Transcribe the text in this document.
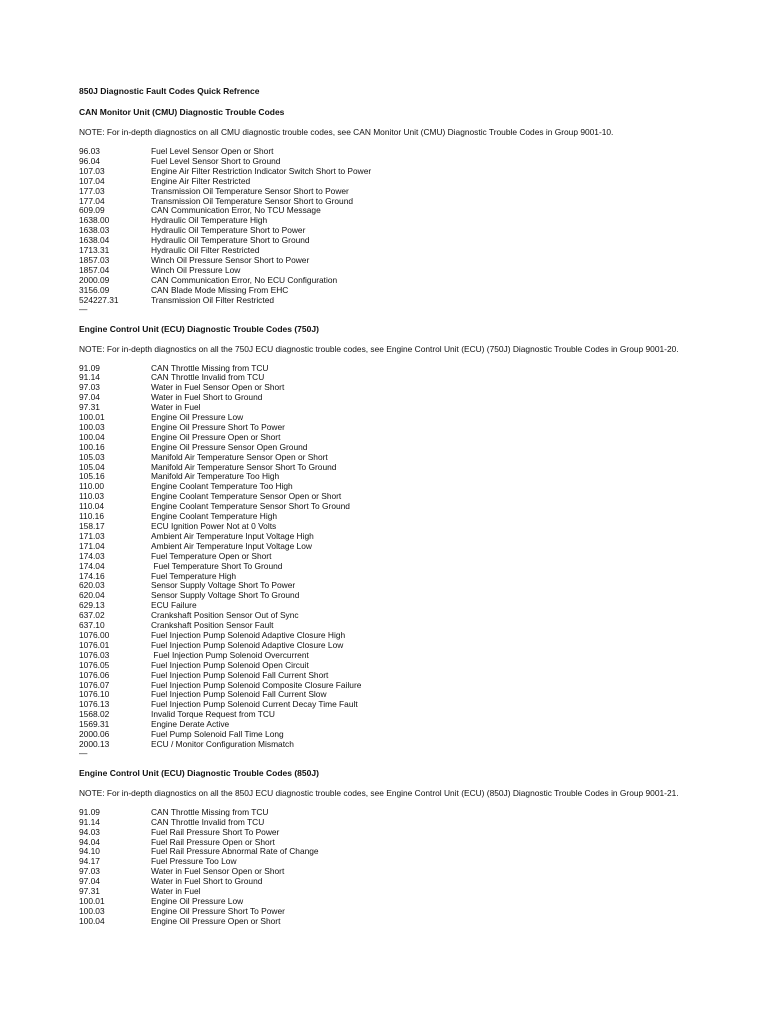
850J Diagnostic Fault Codes Quick Refrence
CAN Monitor Unit (CMU) Diagnostic Trouble Codes

NOTE: For in-depth diagnostics on all CMU diagnostic trouble codes, see CAN Monitor Unit (CMU) Diagnostic Trouble Codes in Group 9001-10.

96.03	Fuel Level Sensor Open or Short
96.04	Fuel Level Sensor Short to Ground
107.03	Engine Air Filter Restriction Indicator Switch Short to Power
107.04	Engine Air Filter Restricted
177.03	Transmission Oil Temperature Sensor Short to Power
177.04	Transmission Oil Temperature Sensor Short to Ground
609.09	CAN Communication Error, No TCU Message
1638.00	Hydraulic Oil Temperature High
1638.03	Hydraulic Oil Temperature Short to Power
1638.04	Hydraulic Oil Temperature Short to Ground
1713.31	Hydraulic Oil Filter Restricted
1857.03	Winch Oil Pressure Sensor Short to Power
1857.04	Winch Oil Pressure Low
2000.09	CAN Communication Error, No ECU Configuration
3156.09	CAN Blade Mode Missing From EHC
524227.31	Transmission Oil Filter Restricted
—
Engine Control Unit (ECU) Diagnostic Trouble Codes (750J)

NOTE: For in-depth diagnostics on all the 750J ECU diagnostic trouble codes, see Engine Control Unit (ECU) (750J) Diagnostic Trouble Codes in Group 9001-20.

91.09	CAN Throttle Missing from TCU
91.14	CAN Throttle Invalid from TCU
97.03	Water in Fuel Sensor Open or Short
97.04	Water in Fuel Short to Ground
97.31	Water in Fuel
100.01	Engine Oil Pressure Low
100.03	Engine Oil Pressure Short To Power
100.04	Engine Oil Pressure Open or Short
100.16	Engine Oil Pressure Sensor Open Ground
105.03	Manifold Air Temperature Sensor Open or Short
105.04	Manifold Air Temperature Sensor Short To Ground
105.16	Manifold Air Temperature Too High
110.00	Engine Coolant Temperature Too High
110.03	Engine Coolant Temperature Sensor Open or Short
110.04	Engine Coolant Temperature Sensor Short To Ground
110.16	Engine Coolant Temperature High
158.17	ECU Ignition Power Not at 0 Volts
171.03	Ambient Air Temperature Input Voltage High
171.04	Ambient Air Temperature Input Voltage Low
174.03	Fuel Temperature Open or Short
174.04	Fuel Temperature Short To Ground
174.16	Fuel Temperature High
620.03	Sensor Supply Voltage Short To Power
620.04	Sensor Supply Voltage Short To Ground
629.13	ECU Failure
637.02	Crankshaft Position Sensor Out of Sync
637.10	Crankshaft Position Sensor Fault
1076.00	Fuel Injection Pump Solenoid Adaptive Closure High
1076.01	Fuel Injection Pump Solenoid Adaptive Closure Low
1076.03	Fuel Injection Pump Solenoid Overcurrent
1076.05	Fuel Injection Pump Solenoid Open Circuit
1076.06	Fuel Injection Pump Solenoid Fall Current Short
1076.07	Fuel Injection Pump Solenoid Composite Closure Failure
1076.10	Fuel Injection Pump Solenoid Fall Current Slow
1076.13	Fuel Injection Pump Solenoid Current Decay Time Fault
1568.02	Invalid Torque Request from TCU
1569.31	Engine Derate Active
2000.06	Fuel Pump Solenoid Fall Time Long
2000.13	ECU / Monitor Configuration Mismatch
—
Engine Control Unit (ECU) Diagnostic Trouble Codes (850J)

NOTE: For in-depth diagnostics on all the 850J ECU diagnostic trouble codes, see Engine Control Unit (ECU) (850J) Diagnostic Trouble Codes in Group 9001-21.

91.09	CAN Throttle Missing from TCU
91.14	CAN Throttle Invalid from TCU
94.03	Fuel Rail Pressure Short To Power
94.04	Fuel Rail Pressure Open or Short
94.10	Fuel Rail Pressure Abnormal Rate of Change
94.17	Fuel Pressure Too Low
97.03	Water in Fuel Sensor Open or Short
97.04	Water in Fuel Short to Ground
97.31	Water in Fuel
100.01	Engine Oil Pressure Low
100.03	Engine Oil Pressure Short To Power
100.04	Engine Oil Pressure Open or Short
